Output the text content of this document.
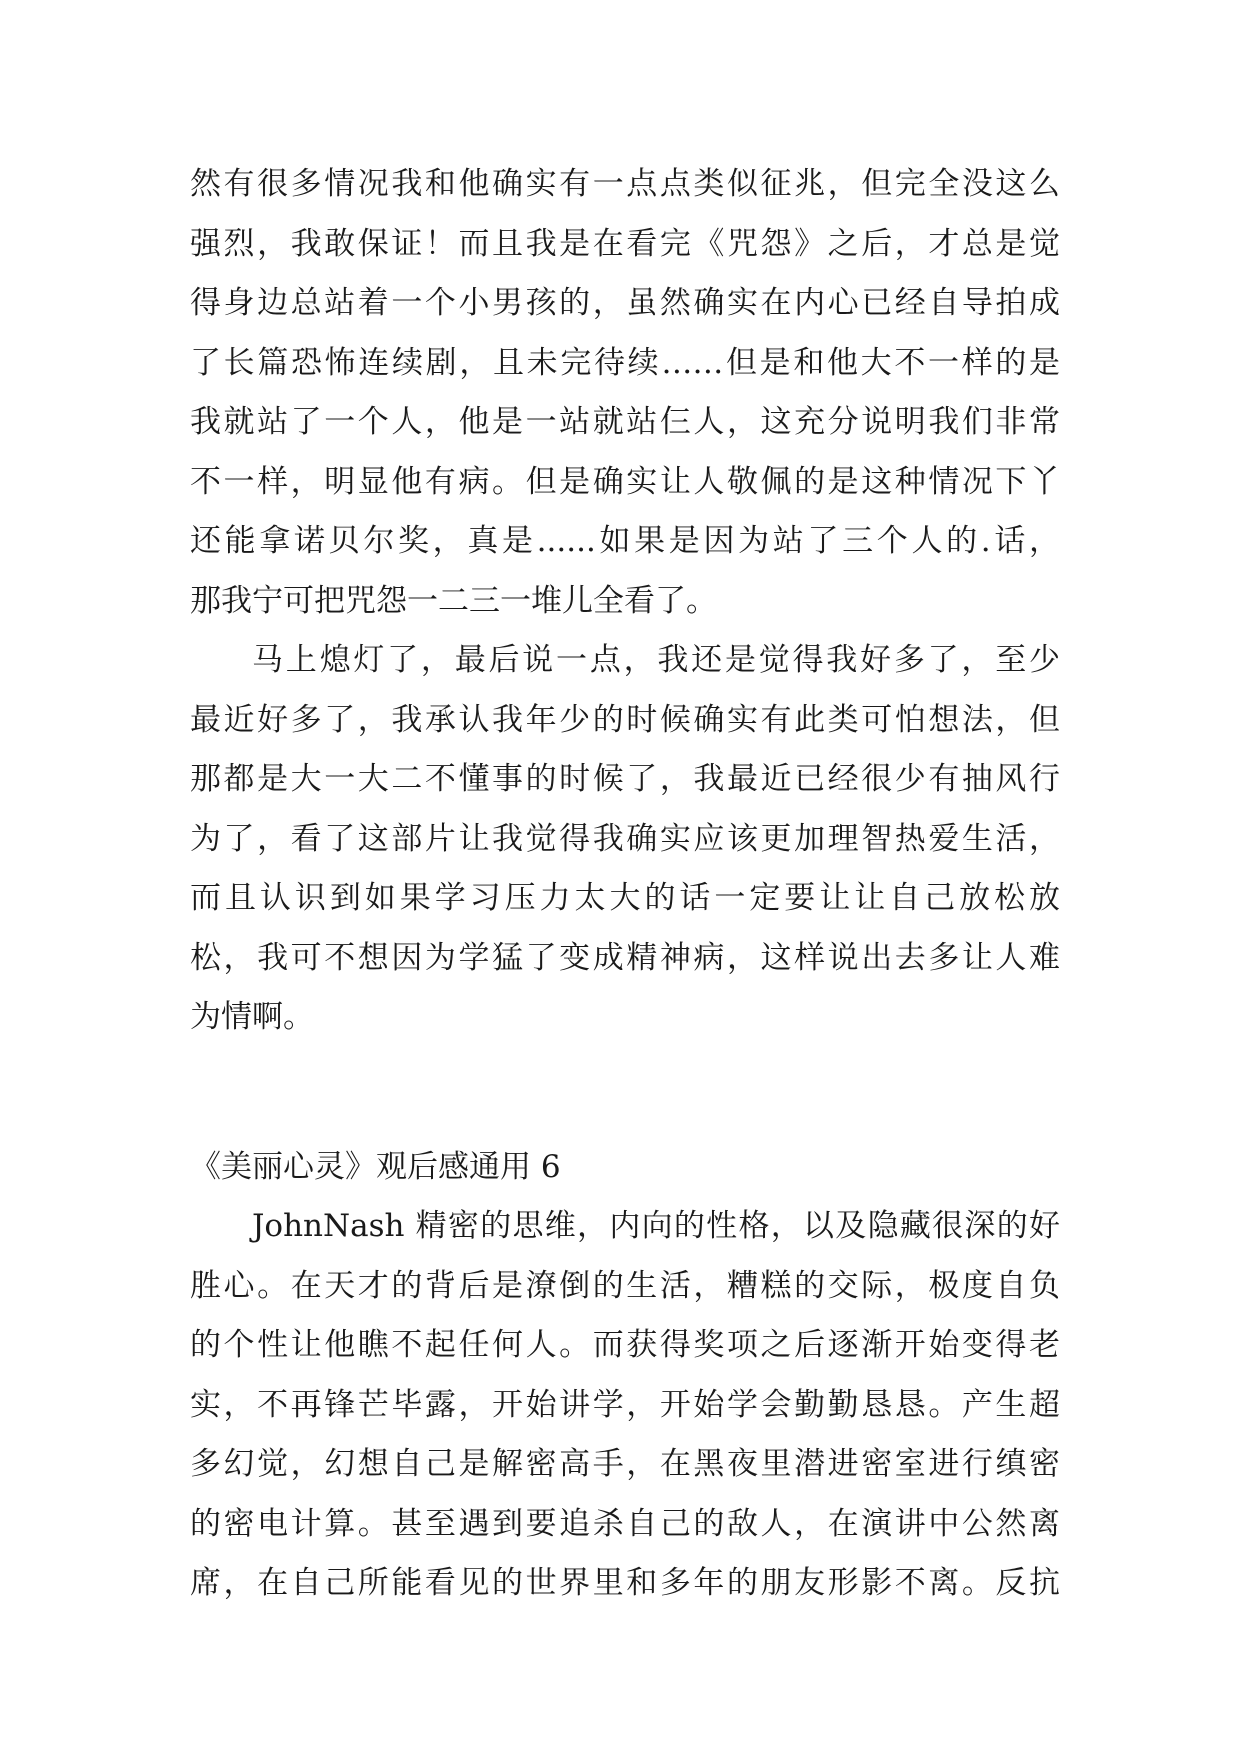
然有很多情况我和他确实有一点点类似征兆，但完全没这么
强烈，我敢保证！而且我是在看完《咒怨》之后，才总是觉
得身边总站着一个小男孩的，虽然确实在内心已经自导拍成
了长篇恐怖连续剧，且未完待续……但是和他大不一样的是
我就站了一个人，他是一站就站仨人，这充分说明我们非常
不一样，明显他有病。但是确实让人敬佩的是这种情况下丫
还能拿诺贝尔奖，真是......如果是因为站了三个人的.话，
那我宁可把咒怨一二三一堆儿全看了。
马上熄灯了，最后说一点，我还是觉得我好多了，至少
最近好多了，我承认我年少的时候确实有此类可怕想法，但
那都是大一大二不懂事的时候了，我最近已经很少有抽风行
为了，看了这部片让我觉得我确实应该更加理智热爱生活，
而且认识到如果学习压力太大的话一定要让让自己放松放
松，我可不想因为学猛了变成精神病，这样说出去多让人难
为情啊。
《美丽心灵》观后感通用 6
JohnNash 精密的思维，内向的性格，以及隐藏很深的好
胜心。在天才的背后是潦倒的生活，糟糕的交际，极度自负
的个性让他瞧不起任何人。而获得奖项之后逐渐开始变得老
实，不再锋芒毕露，开始讲学，开始学会勤勤恳恳。产生超
多幻觉，幻想自己是解密高手，在黑夜里潜进密室进行缜密
的密电计算。甚至遇到要追杀自己的敌人，在演讲中公然离
席，在自己所能看见的世界里和多年的朋友形影不离。反抗
